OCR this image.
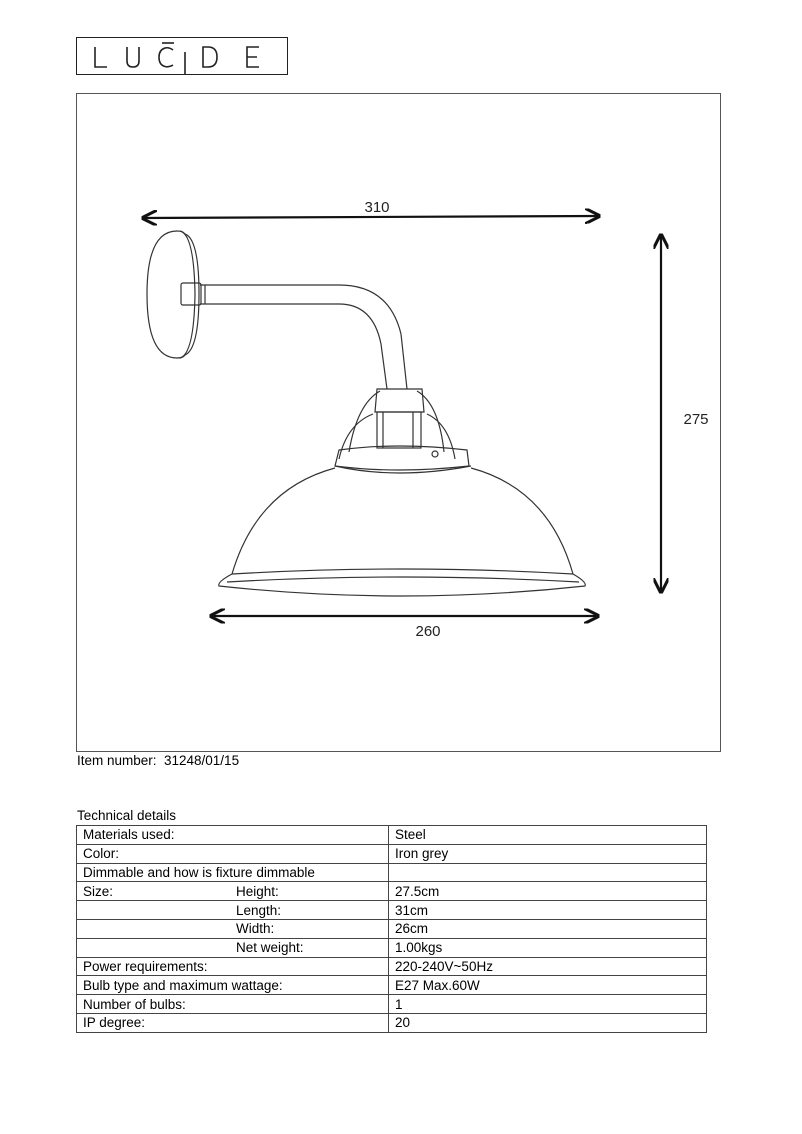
310
275
260
Item number: 31248/01/15
Technical details
Materials used:		Steel
Color:		Iron grey
Dimmable and how is fixture dimmable		
Size:	Height:	27.5cm
	Length:	31cm
	Width:	26cm
	Net weight:	1.00kgs
Power requirements:		220-240V~50Hz
Bulb type and maximum wattage:		E27 Max.60W
Number of bulbs:		1
IP degree:		20
